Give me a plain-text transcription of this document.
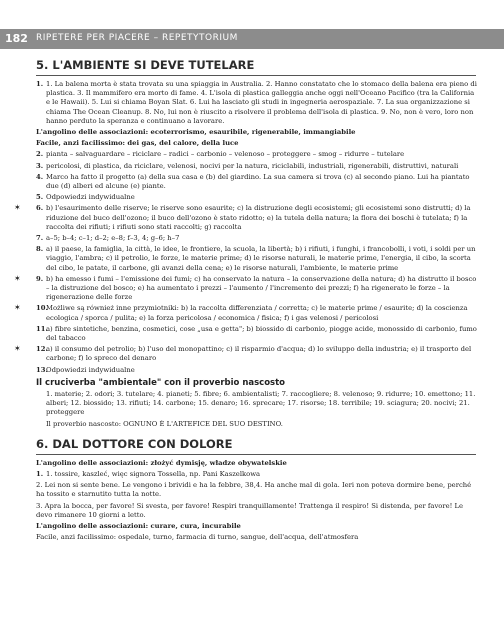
182 RIPETERE PER PIACERE – REPETYTORIUM
5. L'AMBIENTE SI DEVE TUTELARE
1. 1. La balena morta è stata trovata su una spiaggia in Australia. 2. Hanno constatato che lo stomaco della balena era pieno di plastica. 3. Il mammifero era morto di fame. 4. L'isola di plastica galleggia anche oggi nell'Oceano Pacifico (tra la California e le Hawaii). 5. Lui si chiama Boyan Slat. 6. Lui ha lasciato gli studi in ingegneria aerospaziale. 7. La sua organizzazione si chiama The Ocean Cleanup. 8. No, lui non è riuscito a risolvere il problema dell'isola di plastica. 9. No, non è vero, loro non hanno perduto la speranza e continuano a lavorare.
L'angolino delle associazioni: ecoterrorismo, esauribile, rigenerabile, immangiabile
Facile, anzi facilissimo: dei gas, del calore, della luce
2. pianta – salvaguardare – riciclare – radici – carbonio – velenoso – proteggere – smog – ridurre – tutelare
3. pericolosi, di plastica, da riciclare, velenosi, nocivi per la natura, riciclabili, industriali, rigenerabili, distruttivi, naturali
4. Marco ha fatto il progetto (a) della sua casa e (b) del giardino. La sua camera si trova (c) al secondo piano. Lui ha piantato due (d) alberi ed alcune (e) piante.
5. Odpowiedzi indywidualne
✶ 6. b) l'esaurimento delle riserve; le riserve sono esaurite; c) la distruzione degli ecosistemi; gli ecosistemi sono distrutti; d) la riduzione del buco dell'ozono; il buco dell'ozono è stato ridotto; e) la tutela della natura; la flora dei boschi è tutelata; f) la raccolta dei rifiuti; i rifiuti sono stati raccolti; g) raccolta
7. a–5; b–4; c–1; d–2; e–8; f–3, 4; g–6; h–7
8. a) il paese, la famiglia, la città, le idee, le frontiere, la scuola, la libertà; b) i rifiuti, i funghi, i francobolli, i voti, i soldi per un viaggio, l'ambra; c) il petrolio, le forze, le materie prime; d) le risorse naturali, le materie prime, l'energia, il cibo, la scorta del cibo, le patate, il carbone, gli avanzi della cena; e) le risorse naturali, l'ambiente, le materie prime
✶ 9. b) ha emesso i fumi – l'emissione dei fumi; c) ha conservato la natura – la conservazione della natura; d) ha distrutto il bosco – la distruzione del bosco; e) ha aumentato i prezzi – l'aumento / l'incremento dei prezzi; f) ha rigenerato le forze – la rigenerazione delle forze
✶ 10.
Możliwe są również inne przymiotniki: b) la raccolta differenziata / corretta; c) le materie prime / esaurite; d) la coscienza ecologica / sporca / pulita; e) la forza pericolosa / economica / fisica; f) i gas velenosi / pericolosi
11.
a) fibre sintetiche, benzina, cosmetici, cose „usa e getta"; b) biossido di carbonio, piogge acide, monossido di carbonio, fumo del tabacco
✶ 12.
a) il consumo del petrolio; b) l'uso del monopattino; c) il risparmio d'acqua; d) lo sviluppo della industria; e) il trasporto del carbone; f) lo spreco del denaro
13.
Odpowiedzi indywidualne
Il cruciverba "ambientale" con il proverbio nascosto
1. materie; 2. odori; 3. tutelare; 4. pianeti; 5. fibre; 6. ambientalisti; 7. raccogliere; 8. velenoso; 9. ridurre; 10. emettono; 11. alberi; 12. biossido; 13. rifiuti; 14. carbone; 15. denaro; 16. sprecare; 17. risorse; 18. terribile; 19. sciagura; 20. nocivi; 21. proteggere
Il proverbio nascosto: OGNUNO È L'ARTEFICE DEL SUO DESTINO.
6. DAL DOTTORE CON DOLORE
L'angolino delle associazioni: złożyć dymisję, władze obywatelskie
1. 1. tossire, kaszleć, więc signora Tossella, np. Pani Kaszelkowa
2. Lei non si sente bene. Le vengono i brividi e ha la febbre, 38,4. Ha anche mal di gola. Ieri non poteva dormire bene, perché ha tossito e starnutito tutta la notte.
3. Apra la bocca, per favore! Si svesta, per favore! Respiri tranquillamente! Trattenga il respiro! Si distenda, per favore! Le devo rimanere 10 giorni a letto.
L'angolino delle associazioni: curare, cura, incurabile
Facile, anzi facilissimo: ospedale, turno, farmacia di turno, sangue, dell'acqua, dell'atmosfera
